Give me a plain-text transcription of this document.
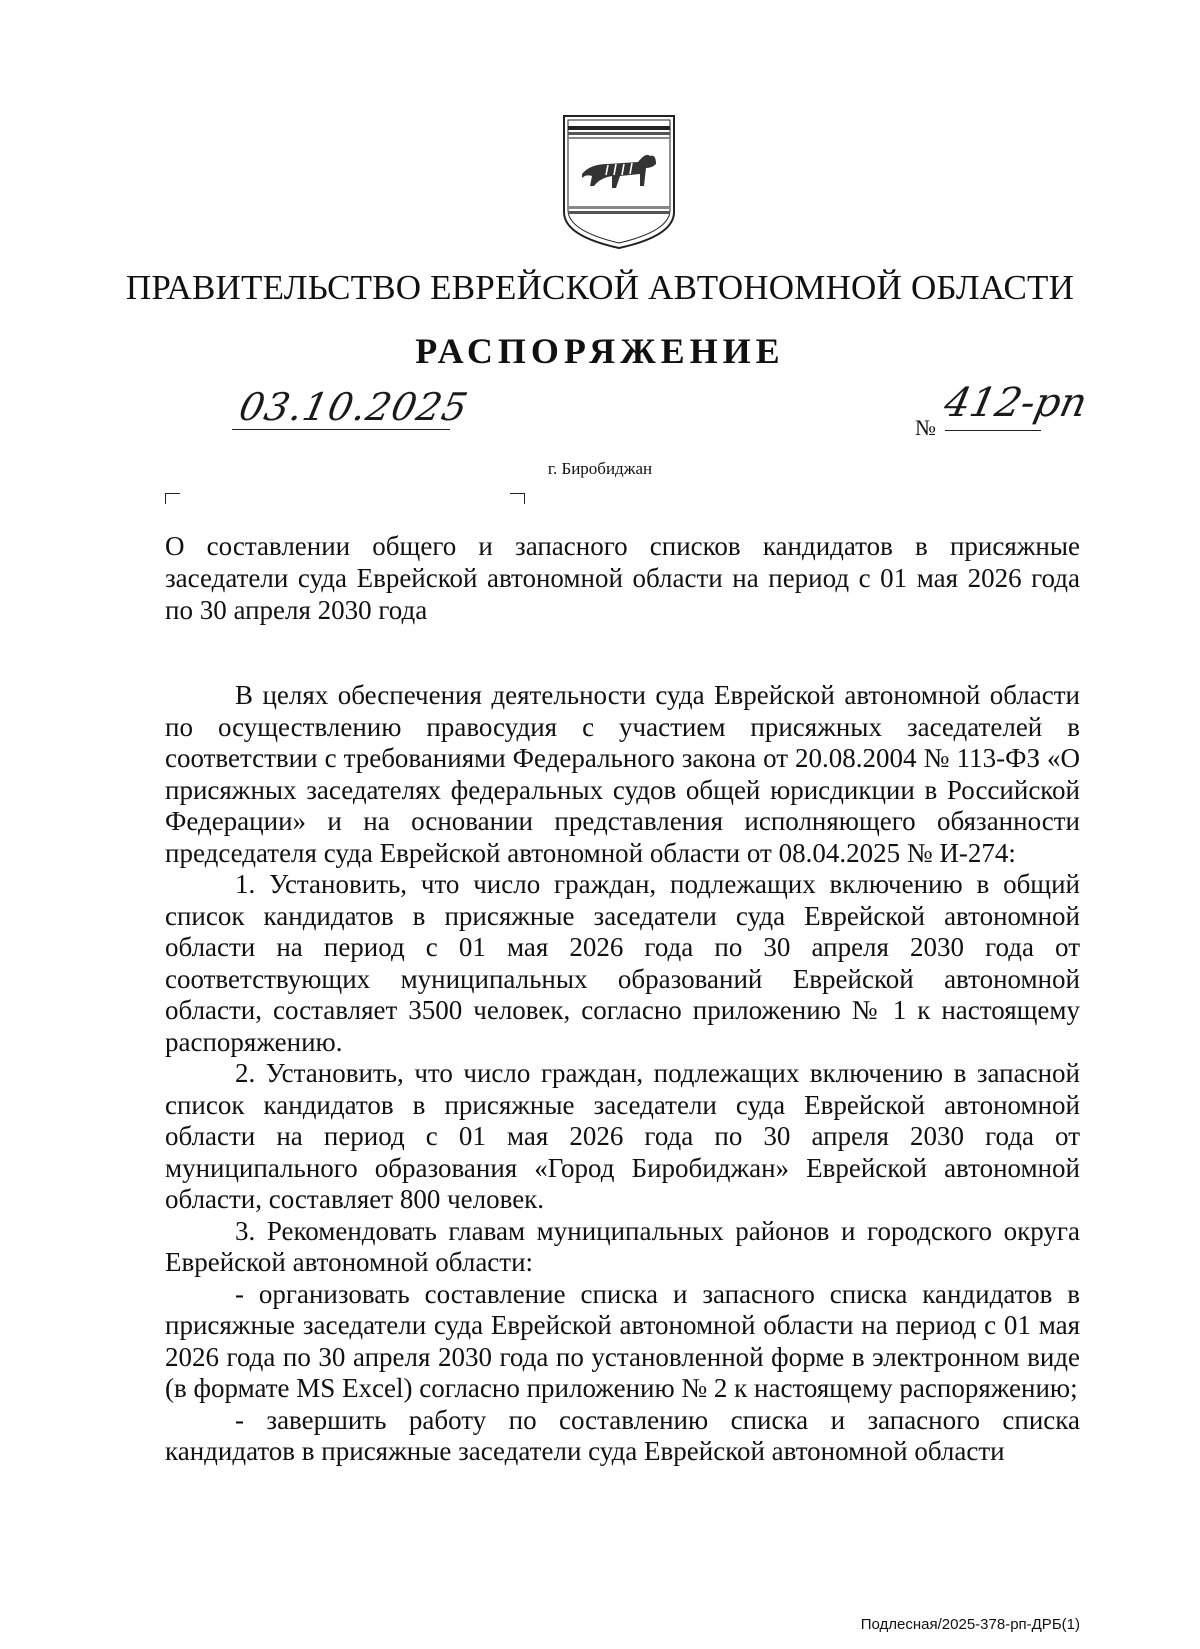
ПРАВИТЕЛЬСТВО ЕВРЕЙСКОЙ АВТОНОМНОЙ ОБЛАСТИ
РАСПОРЯЖЕНИЕ
03.10.2025	№
412-рп
г. Биробиджан
О составлении общего и запасного списков кандидатов в присяжные заседатели суда Еврейской автономной области на период с 01 мая 2026 года по 30 апреля 2030 года

В целях обеспечения деятельности суда Еврейской автономной области по осуществлению правосудия с участием присяжных заседателей в соответствии с требованиями Федерального закона от 20.08.2004 № 113-ФЗ «О присяжных заседателях федеральных судов общей юрисдикции в Российской Федерации» и на основании представления исполняющего обязанности председателя суда Еврейской автономной области от 08.04.2025 № И-274:

1. Установить, что число граждан, подлежащих включению в общий список кандидатов в присяжные заседатели суда Еврейской автономной области на период с 01 мая 2026 года по 30 апреля 2030 года от соответствующих муниципальных образований Еврейской автономной области, составляет 3500 человек, согласно приложению № 1 к настоящему распоряжению.

2. Установить, что число граждан, подлежащих включению в запасной список кандидатов в присяжные заседатели суда Еврейской автономной области на период с 01 мая 2026 года по 30 апреля 2030 года от муниципального образования «Город Биробиджан» Еврейской автономной области, составляет 800 человек.

3. Рекомендовать главам муниципальных районов и городского округа Еврейской автономной области:

- организовать составление списка и запасного списка кандидатов в присяжные заседатели суда Еврейской автономной области на период с 01 мая 2026 года по 30 апреля 2030 года по установленной форме в электронном виде (в формате MS Excel) согласно приложению № 2 к настоящему распоряжению;

- завершить работу по составлению списка и запасного списка кандидатов в присяжные заседатели суда Еврейской автономной области

Подлесная/2025-378-рп-ДРБ(1)
